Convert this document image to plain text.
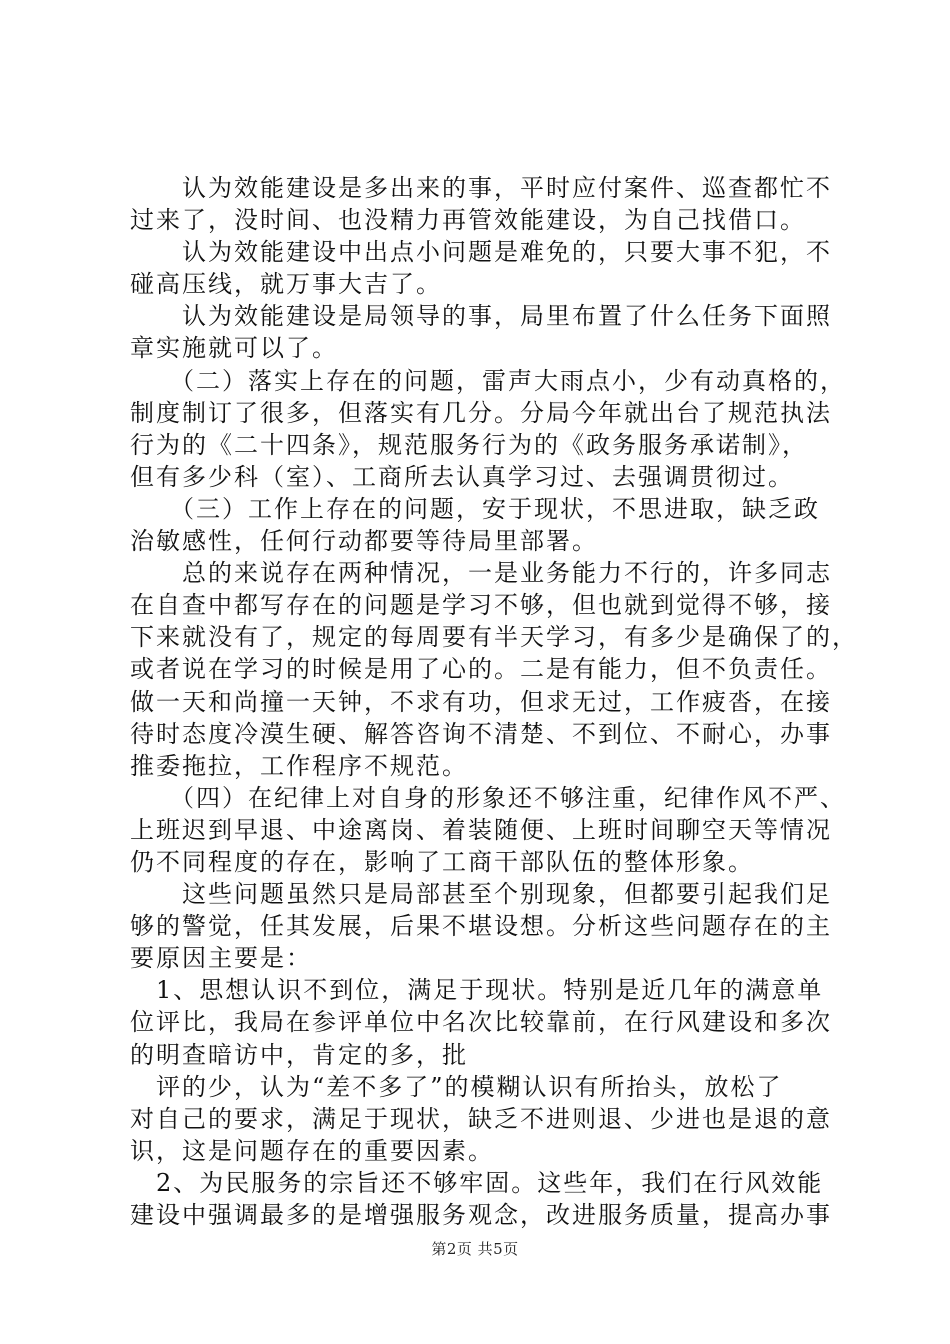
　　认为效能建设是多出来的事，平时应付案件、巡查都忙不
过来了，没时间、也没精力再管效能建设，为自己找借口。
　　认为效能建设中出点小问题是难免的，只要大事不犯，不
碰高压线，就万事大吉了。
　　认为效能建设是局领导的事，局里布置了什么任务下面照
章实施就可以了。
　　（二）落实上存在的问题，雷声大雨点小，少有动真格的，
制度制订了很多，但落实有几分。分局今年就出台了规范执法
行为的《二十四条》，规范服务行为的《政务服务承诺制》，
但有多少科（室）、工商所去认真学习过、去强调贯彻过。
　　（三）工作上存在的问题，安于现状，不思进取，缺乏政
治敏感性，任何行动都要等待局里部署。
　　总的来说存在两种情况，一是业务能力不行的，许多同志
在自查中都写存在的问题是学习不够，但也就到觉得不够，接
下来就没有了，规定的每周要有半天学习，有多少是确保了的，
或者说在学习的时候是用了心的。二是有能力，但不负责任。
做一天和尚撞一天钟，不求有功，但求无过，工作疲沓，在接
待时态度冷漠生硬、解答咨询不清楚、不到位、不耐心，办事
推委拖拉，工作程序不规范。
　　（四）在纪律上对自身的形象还不够注重，纪律作风不严、
上班迟到早退、中途离岗、着装随便、上班时间聊空天等情况
仍不同程度的存在，影响了工商干部队伍的整体形象。
　　这些问题虽然只是局部甚至个别现象，但都要引起我们足
够的警觉，任其发展，后果不堪设想。分析这些问题存在的主
要原因主要是：
　1、思想认识不到位，满足于现状。特别是近几年的满意单
位评比，我局在参评单位中名次比较靠前，在行风建设和多次
的明查暗访中，肯定的多，批
　评的少，认为“差不多了”的模糊认识有所抬头，放松了
对自己的要求，满足于现状，缺乏不进则退、少进也是退的意
识，这是问题存在的重要因素。
　2、为民服务的宗旨还不够牢固。这些年，我们在行风效能
建设中强调最多的是增强服务观念，改进服务质量，提高办事
第2页 共5页
